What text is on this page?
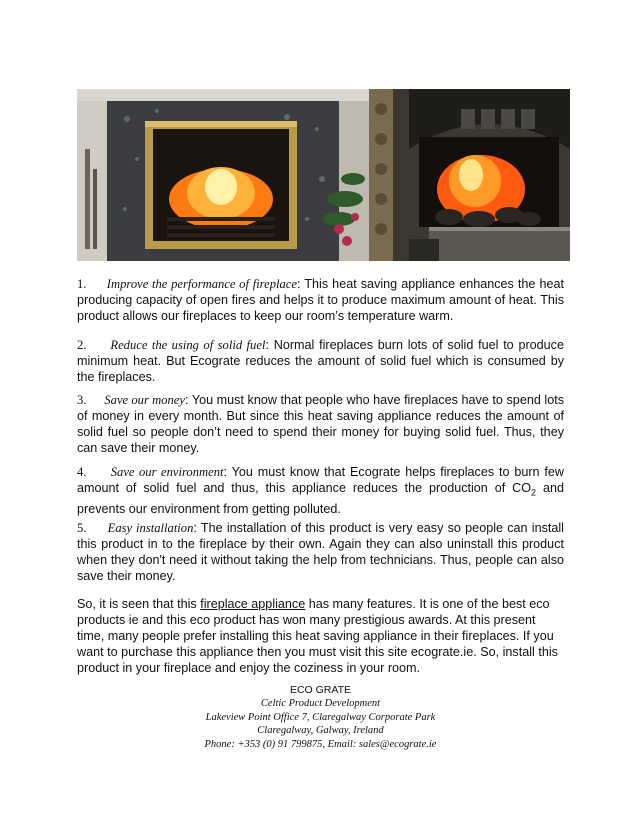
1. Improve the performance of fireplace: This heat saving appliance enhances the heat producing capacity of open fires and helps it to produce maximum amount of heat. This product allows our fireplaces to keep our room’s temperature warm.

2. Reduce the using of solid fuel: Normal fireplaces burn lots of solid fuel to produce minimum heat. But Ecograte reduces the amount of solid fuel which is consumed by the fireplaces.

3. Save our money: You must know that people who have fireplaces have to spend lots of money in every month. But since this heat saving appliance reduces the amount of solid fuel so people don’t need to spend their money for buying solid fuel. Thus, they can save their money.

4. Save our environment: You must know that Ecograte helps fireplaces to burn few amount of solid fuel and thus, this appliance reduces the production of $CO_2$ and prevents our environment from getting polluted.

5. Easy installation: The installation of this product is very easy so people can install this product in to the fireplace by their own. Again they can also uninstall this product when they don't need it without taking the help from technicians. Thus, people can also save their money.

So, it is seen that this fireplace appliance has many features. It is one of the best eco products ie and this eco product has won many prestigious awards. At this present time, many people prefer installing this heat saving appliance in their fireplaces. If you want to purchase this appliance then you must visit this site ecograte.ie. So, install this product in your fireplace and enjoy the coziness in your room.

ECO GRATE
Celtic Product Development
Lakeview Point Office 7, Claregalway Corporate Park
Claregalway, Galway, Ireland
Phone: +353 (0) 91 799875, Email: sales@ecograte.ie
